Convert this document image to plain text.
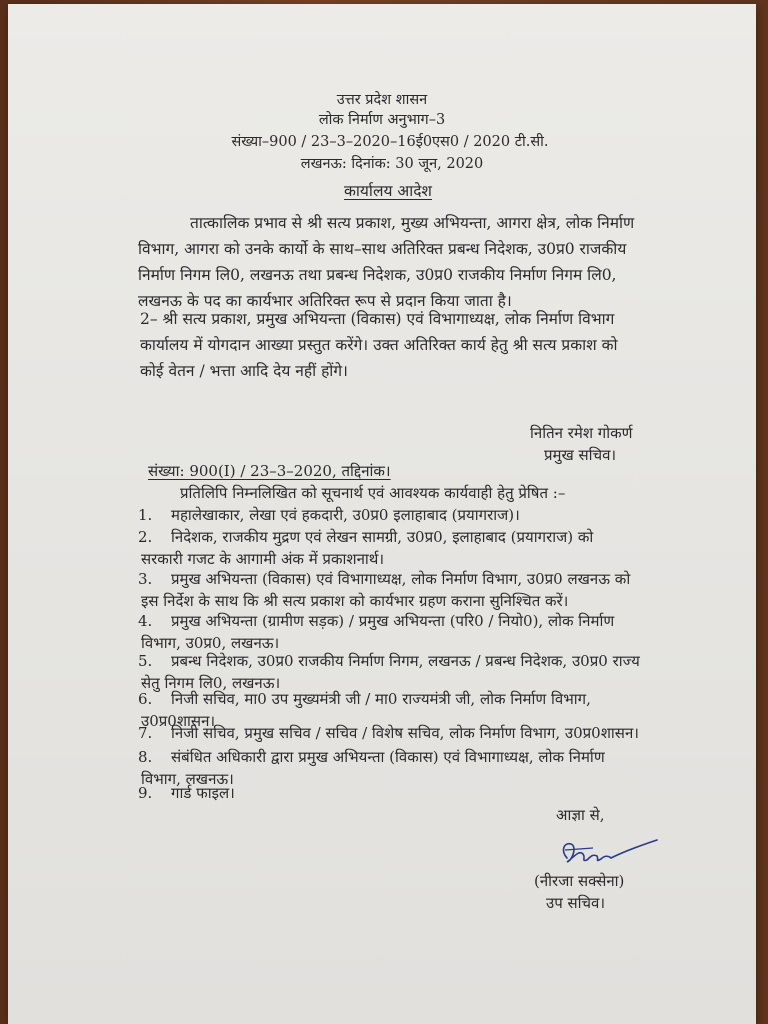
उत्तर प्रदेश शासन
लोक निर्माण अनुभाग–3
संख्या–900 / 23–3–2020–16ई0एस0 / 2020 टी.सी.
लखनऊ: दिनांक: 30 जून, 2020
कार्यालय आदेश
तात्कालिक प्रभाव से श्री सत्य प्रकाश, मुख्य अभियन्ता, आगरा क्षेत्र, लोक निर्माण
विभाग, आगरा को उनके कार्यो के साथ–साथ अतिरिक्त प्रबन्ध निदेशक, उ0प्र0 राजकीय
निर्माण निगम लि0, लखनऊ तथा प्रबन्ध निदेशक, उ0प्र0 राजकीय निर्माण निगम लि0,
लखनऊ के पद का कार्यभार अतिरिक्त रूप से प्रदान किया जाता है।
2– श्री सत्य प्रकाश, प्रमुख अभियन्ता (विकास) एवं विभागाध्यक्ष, लोक निर्माण विभाग
कार्यालय में योगदान आख्या प्रस्तुत करेंगे। उक्त अतिरिक्त कार्य हेतु श्री सत्य प्रकाश को
कोई वेतन / भत्ता आदि देय नहीं होंगे।
नितिन रमेश गोकर्ण
प्रमुख सचिव।
संख्या: 900(I) / 23–3–2020, तद्दिनांक।
प्रतिलिपि निम्नलिखित को सूचनार्थ एवं आवश्यक कार्यवाही हेतु प्रेषित :–
1. महालेखाकार, लेखा एवं हकदारी, उ0प्र0 इलाहाबाद (प्रयागराज)।
2. निदेशक, राजकीय मुद्रण एवं लेखन सामग्री, उ0प्र0, इलाहाबाद (प्रयागराज) को
सरकारी गजट के आगामी अंक में प्रकाशनार्थ।
3. प्रमुख अभियन्ता (विकास) एवं विभागाध्यक्ष, लोक निर्माण विभाग, उ0प्र0 लखनऊ को
इस निर्देश के साथ कि श्री सत्य प्रकाश को कार्यभार ग्रहण कराना सुनिश्चित करें।
4. प्रमुख अभियन्ता (ग्रामीण सड़क) / प्रमुख अभियन्ता (परि0 / नियो0), लोक निर्माण
विभाग, उ0प्र0, लखनऊ।
5. प्रबन्ध निदेशक, उ0प्र0 राजकीय निर्माण निगम, लखनऊ / प्रबन्ध निदेशक, उ0प्र0 राज्य
सेतु निगम लि0, लखनऊ।
6. निजी सचिव, मा0 उप मुख्यमंत्री जी / मा0 राज्यमंत्री जी, लोक निर्माण विभाग,
उ0प्र0शासन।
7. निजी सचिव, प्रमुख सचिव / सचिव / विशेष सचिव, लोक निर्माण विभाग, उ0प्र0शासन।
8. संबंधित अधिकारी द्वारा प्रमुख अभियन्ता (विकास) एवं विभागाध्यक्ष, लोक निर्माण
विभाग, लखनऊ।
9. गार्ड फाइल।
आज्ञा से,
(नीरजा सक्सेना)
उप सचिव।
